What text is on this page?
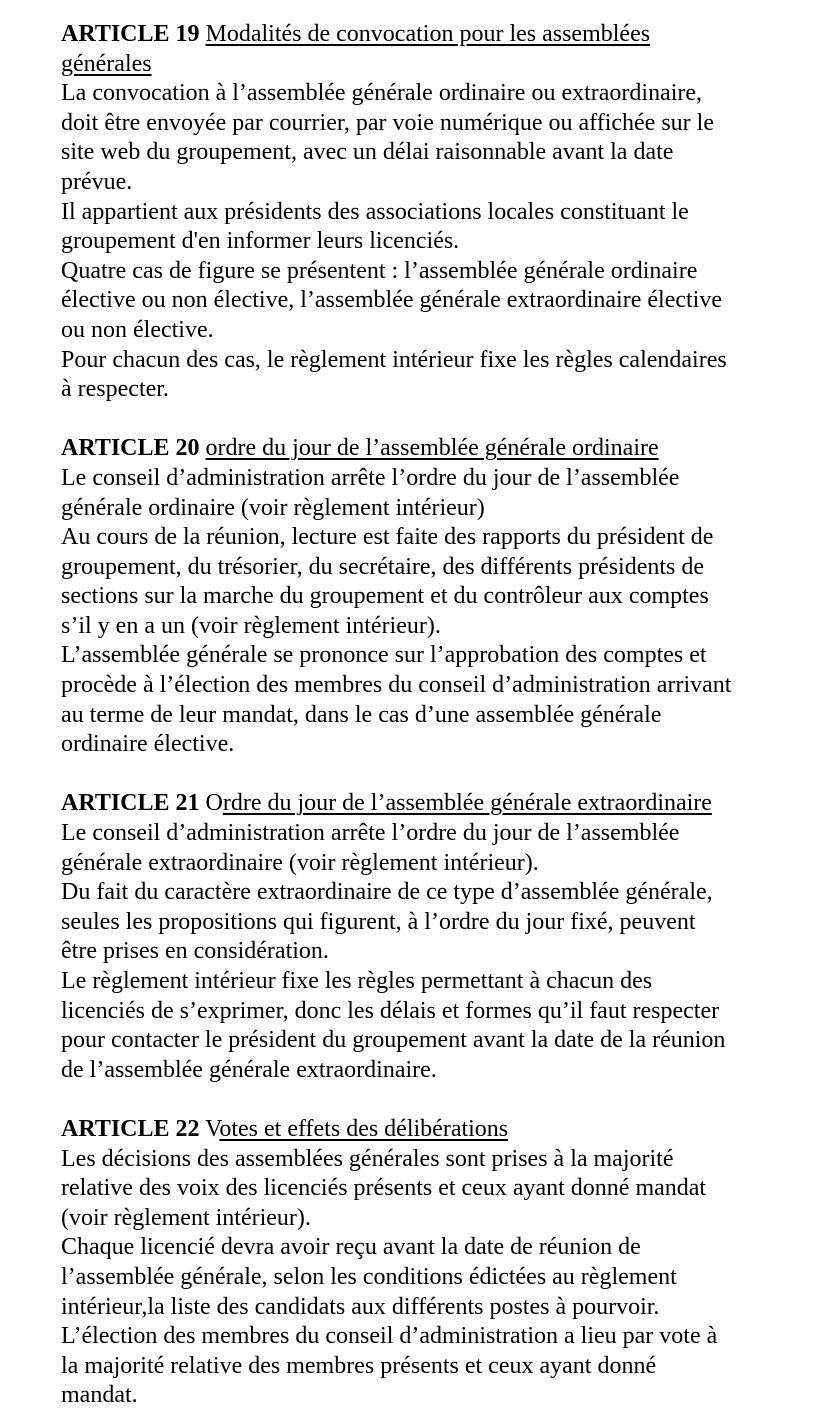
ARTICLE 19 Modalités de convocation pour les assemblées
générales
La convocation à l’assemblée générale ordinaire ou extraordinaire,
doit être envoyée par courrier, par voie numérique ou affichée sur le
site web du groupement, avec un délai raisonnable avant la date
prévue.
Il appartient aux présidents des associations locales constituant le
groupement d'en informer leurs licenciés.
Quatre cas de figure se présentent : l’assemblée générale ordinaire
élective ou non élective, l’assemblée générale extraordinaire élective
ou non élective.
Pour chacun des cas, le règlement intérieur fixe les règles calendaires
à respecter.
ARTICLE 20 ordre du jour de l’assemblée générale ordinaire
Le conseil d’administration arrête l’ordre du jour de l’assemblée
générale ordinaire (voir règlement intérieur)
Au cours de la réunion, lecture est faite des rapports du président de
groupement, du trésorier, du secrétaire, des différents présidents de
sections sur la marche du groupement et du contrôleur aux comptes
s’il y en a un (voir règlement intérieur).
L’assemblée générale se prononce sur l’approbation des comptes et
procède à l’élection des membres du conseil d’administration arrivant
au terme de leur mandat, dans le cas d’une assemblée générale
ordinaire élective.
ARTICLE 21 Ordre du jour de l’assemblée générale extraordinaire
Le conseil d’administration arrête l’ordre du jour de l’assemblée
générale extraordinaire (voir règlement intérieur).
Du fait du caractère extraordinaire de ce type d’assemblée générale,
seules les propositions qui figurent, à l’ordre du jour fixé, peuvent
être prises en considération.
Le règlement intérieur fixe les règles permettant à chacun des
licenciés de s’exprimer, donc les délais et formes qu’il faut respecter
pour contacter le président du groupement avant la date de la réunion
de l’assemblée générale extraordinaire.
ARTICLE 22 Votes et effets des délibérations
Les décisions des assemblées générales sont prises à la majorité
relative des voix des licenciés présents et ceux ayant donné mandat
(voir règlement intérieur).
Chaque licencié devra avoir reçu avant la date de réunion de
l’assemblée générale, selon les conditions édictées au règlement
intérieur,la liste des candidats aux différents postes à pourvoir.
L’élection des membres du conseil d’administration a lieu par vote à
la majorité relative des membres présents et ceux ayant donné
mandat.
